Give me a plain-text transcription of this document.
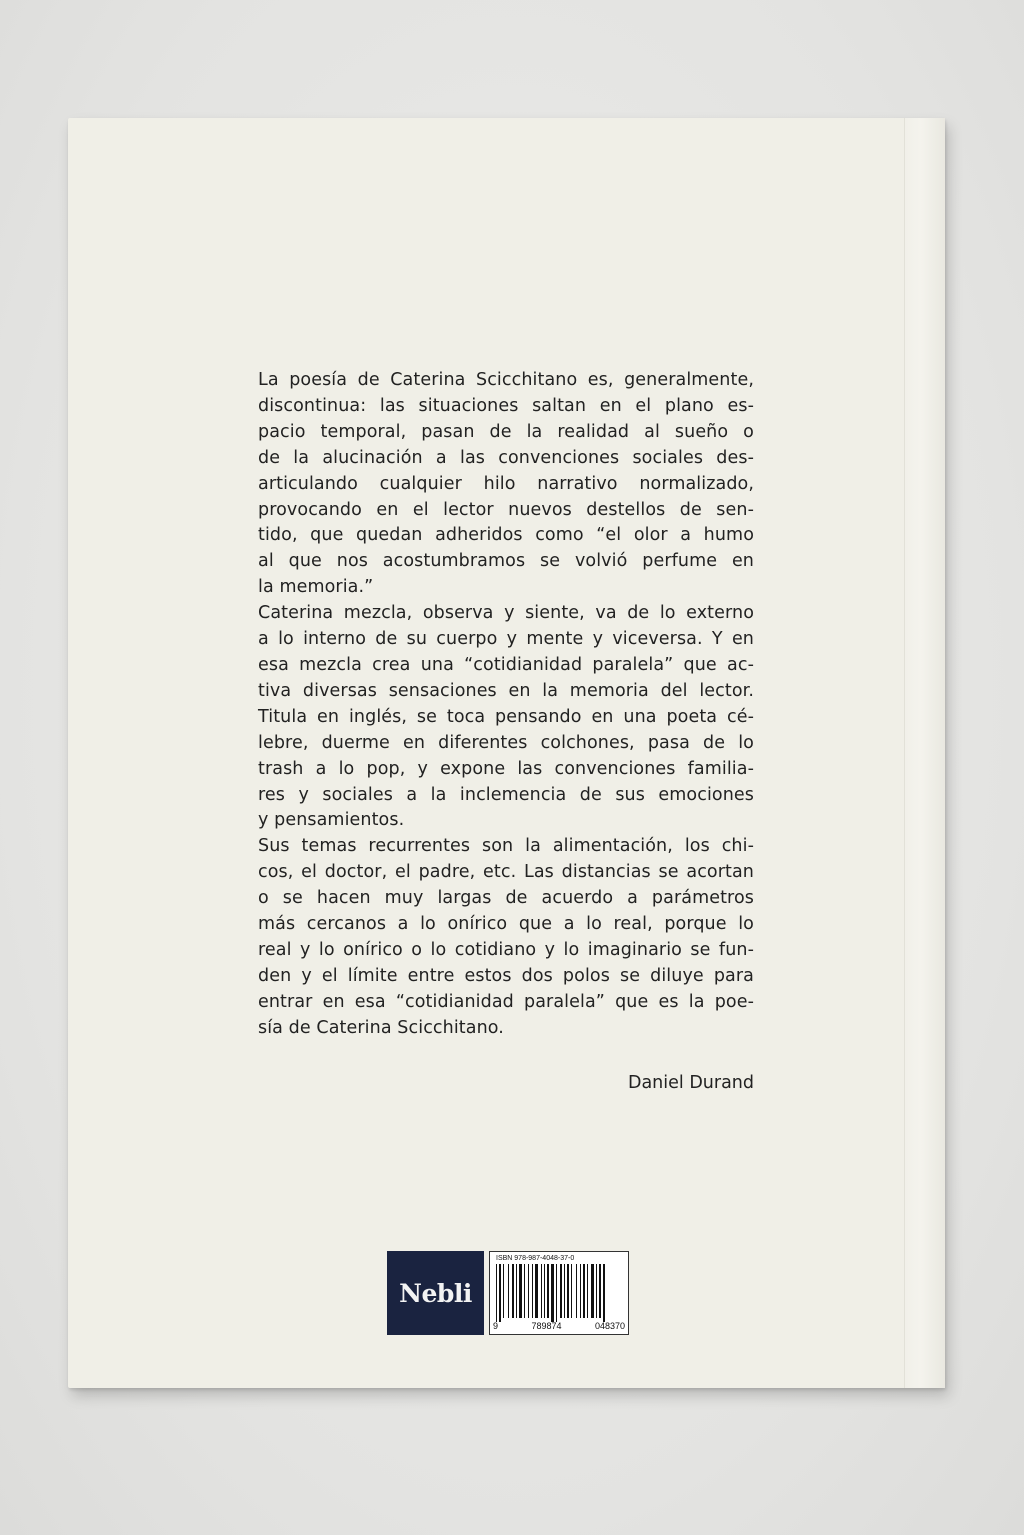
La poesía de Caterina Scicchitano es, generalmente,
discontinua: las situaciones saltan en el plano es-
pacio temporal, pasan de la realidad al sueño o
de la alucinación a las convenciones sociales des-
articulando cualquier hilo narrativo normalizado,
provocando en el lector nuevos destellos de sen-
tido, que quedan adheridos como “el olor a humo
al que nos acostumbramos se volvió perfume en
la memoria.”
Caterina mezcla, observa y siente, va de lo externo
a lo interno de su cuerpo y mente y viceversa. Y en
esa mezcla crea una “cotidianidad paralela” que ac-
tiva diversas sensaciones en la memoria del lector.
Titula en inglés, se toca pensando en una poeta cé-
lebre, duerme en diferentes colchones, pasa de lo
trash a lo pop, y expone las convenciones familia-
res y sociales a la inclemencia de sus emociones
y pensamientos.
Sus temas recurrentes son la alimentación, los chi-
cos, el doctor, el padre, etc. Las distancias se acortan
o se hacen muy largas de acuerdo a parámetros
más cercanos a lo onírico que a lo real, porque lo
real y lo onírico o lo cotidiano y lo imaginario se fun-
den y el límite entre estos dos polos se diluye para
entrar en esa “cotidianidad paralela” que es la poe-
sía de Caterina Scicchitano.
Daniel Durand
Nebli
ISBN 978-987-4048-37-0
9	789874	048370
